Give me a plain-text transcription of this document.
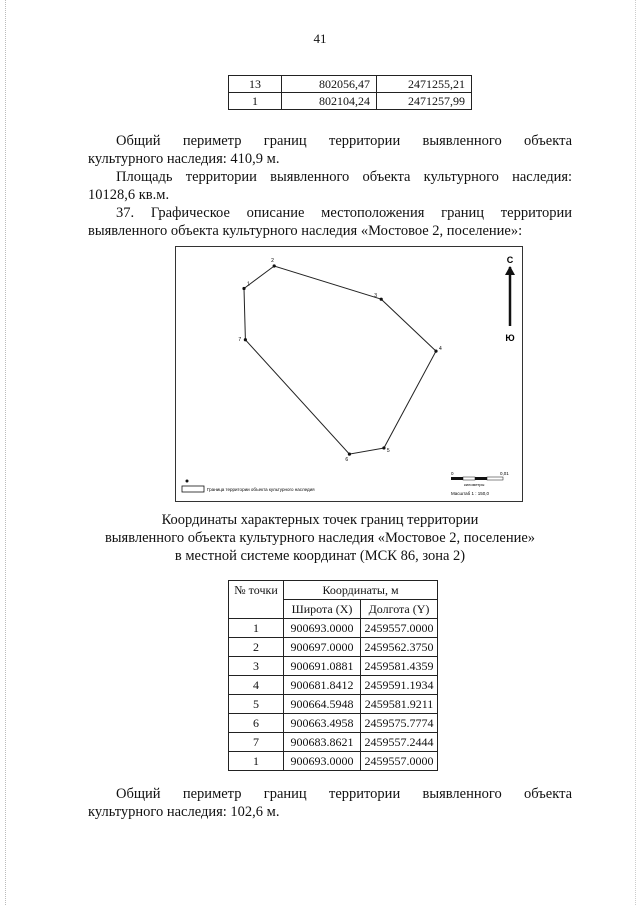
41
13	802056,47	2471255,21
1	802104,24	2471257,99
Общий периметр границ территории выявленного объекта
культурного наследия: 410,9 м.
Площадь территории выявленного объекта культурного наследия:
10128,6 кв.м.
37. Графическое описание местоположения границ территории
выявленного объекта культурного наследия «Мостовое 2, поселение»:
1
2
3
4
5
6
7
С
Ю
0	0,01
километры
Масштаб 1 : 150,0
Граница территории объекта культурного наследия
Координаты характерных точек границ территории
выявленного объекта культурного наследия «Мостовое 2, поселение»
в местной системе координат (МСК 86, зона 2)
№ точки	Координаты, м	
	Широта (X)	Долгота (Y)
1	900693.0000	2459557.0000
2	900697.0000	2459562.3750
3	900691.0881	2459581.4359
4	900681.8412	2459591.1934
5	900664.5948	2459581.9211
6	900663.4958	2459575.7774
7	900683.8621	2459557.2444
1	900693.0000	2459557.0000
Общий периметр границ территории выявленного объекта
культурного наследия: 102,6 м.
